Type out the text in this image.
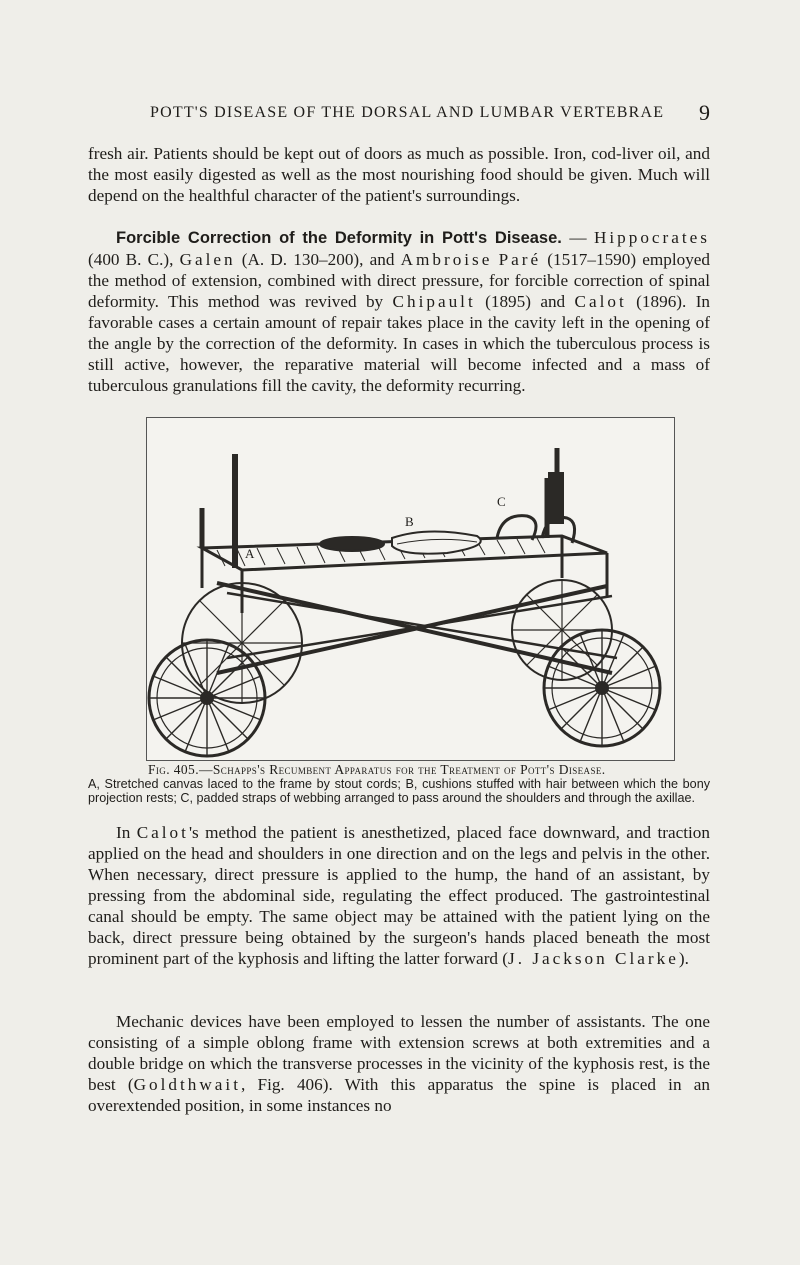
POTT'S DISEASE OF THE DORSAL AND LUMBAR VERTEBRAE 9

fresh air. Patients should be kept out of doors as much as possible. Iron, cod-liver oil, and the most easily digested as well as the most nourishing food should be given. Much will depend on the healthful character of the patient's surroundings.

Forcible Correction of the Deformity in Pott's Disease. — Hippocrates (400 B. C.), Galen (A. D. 130–200), and Ambroise Paré (1517–1590) employed the method of extension, combined with direct pressure, for forcible correction of spinal deformity. This method was revived by Chipault (1895) and Calot (1896). In favorable cases a certain amount of repair takes place in the cavity left in the opening of the angle by the correction of the deformity. In cases in which the tuberculous process is still active, however, the reparative material will become infected and a mass of tuberculous granulations fill the cavity, the deformity recurring.

A
B
C
Fig. 405.—Schapps's Recumbent Apparatus for the Treatment of Pott's Disease.
A, Stretched canvas laced to the frame by stout cords; B, cushions stuffed with hair between which the bony projection rests; C, padded straps of webbing arranged to pass around the shoulders and through the axillae.

In Calot's method the patient is anesthetized, placed face downward, and traction applied on the head and shoulders in one direction and on the legs and pelvis in the other. When necessary, direct pressure is applied to the hump, the hand of an assistant, by pressing from the abdominal side, regulating the effect produced. The gastrointestinal canal should be empty. The same object may be attained with the patient lying on the back, direct pressure being obtained by the surgeon's hands placed beneath the most prominent part of the kyphosis and lifting the latter forward (J. Jackson Clarke).

Mechanic devices have been employed to lessen the number of assistants. The one consisting of a simple oblong frame with extension screws at both extremities and a double bridge on which the transverse processes in the vicinity of the kyphosis rest, is the best (Goldthwait, Fig. 406). With this apparatus the spine is placed in an overextended position, in some instances no
